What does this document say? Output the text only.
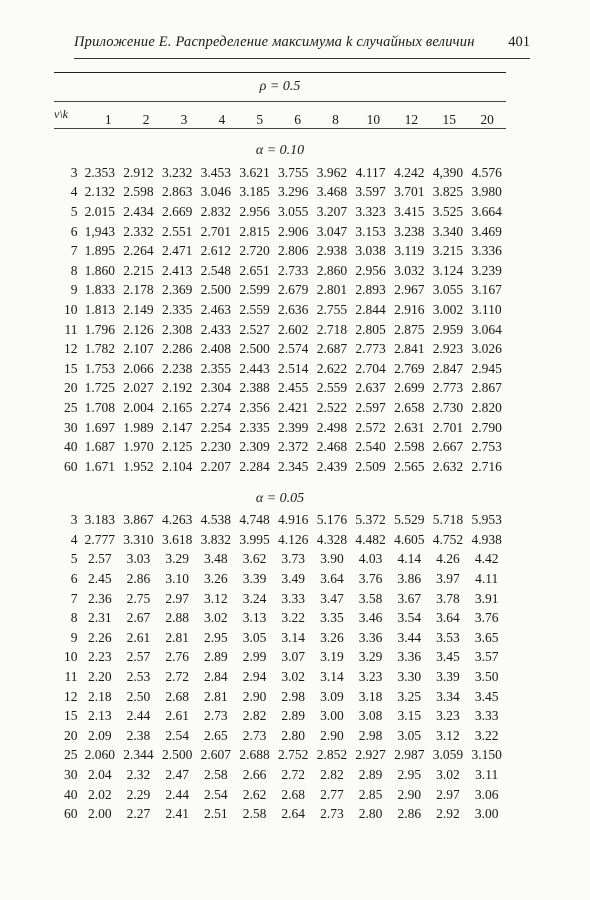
Приложение Е. Распределение максимума k случайных величин	401
ρ = 0.5
ν\k	1	2	3	4	5	6	8	10	12	15	20
α = 0.10
3 2.353 2.912 3.232 3.453 3.621 3.755 3.962 4.117 4.242 4,390 4.576
4 2.132 2.598 2.863 3.046 3.185 3.296 3.468 3.597 3.701 3.825 3.980
5 2.015 2.434 2.669 2.832 2.956 3.055 3.207 3.323 3.415 3.525 3.664
6 1,943 2.332 2.551 2.701 2.815 2.906 3.047 3.153 3.238 3.340 3.469
7 1.895 2.264 2.471 2.612 2.720 2.806 2.938 3.038 3.119 3.215 3.336
8 1.860 2.215 2.413 2.548 2.651 2.733 2.860 2.956 3.032 3.124 3.239
9 1.833 2.178 2.369 2.500 2.599 2.679 2.801 2.893 2.967 3.055 3.167
10 1.813 2.149 2.335 2.463 2.559 2.636 2.755 2.844 2.916 3.002 3.110
11 1.796 2.126 2.308 2.433 2.527 2.602 2.718 2.805 2.875 2.959 3.064
12 1.782 2.107 2.286 2.408 2.500 2.574 2.687 2.773 2.841 2.923 3.026
15 1.753 2.066 2.238 2.355 2.443 2.514 2.622 2.704 2.769 2.847 2.945
20 1.725 2.027 2.192 2.304 2.388 2.455 2.559 2.637 2.699 2.773 2.867
25 1.708 2.004 2.165 2.274 2.356 2.421 2.522 2.597 2.658 2.730 2.820
30 1.697 1.989 2.147 2.254 2.335 2.399 2.498 2.572 2.631 2.701 2.790
40 1.687 1.970 2.125 2.230 2.309 2.372 2.468 2.540 2.598 2.667 2.753
60 1.671 1.952 2.104 2.207 2.284 2.345 2.439 2.509 2.565 2.632 2.716
α = 0.05
3 3.183 3.867 4.263 4.538 4.748 4.916 5.176 5.372 5.529 5.718 5.953
4 2.777 3.310 3.618 3.832 3.995 4.126 4.328 4.482 4.605 4.752 4.938
5 2.57	3.03	3.29	3.48	3.62	3.73	3.90	4.03	4.14	4.26	4.42
6 2.45	2.86	3.10	3.26	3.39	3.49	3.64	3.76	3.86	3.97	4.11
7 2.36	2.75	2.97	3.12	3.24	3.33	3.47	3.58	3.67	3.78	3.91
8 2.31	2.67	2.88	3.02	3.13	3.22	3.35	3.46	3.54	3.64	3.76
9 2.26	2.61	2.81	2.95	3.05	3.14	3.26	3.36	3.44	3.53	3.65
10 2.23	2.57	2.76	2.89	2.99	3.07	3.19	3.29	3.36	3.45	3.57
11 2.20	2.53	2.72	2.84	2.94	3.02	3.14	3.23	3.30	3.39	3.50
12 2.18	2.50	2.68	2.81	2.90	2.98	3.09	3.18	3.25	3.34	3.45
15 2.13	2.44	2.61	2.73	2.82	2.89	3.00	3.08	3.15	3.23	3.33
20 2.09	2.38	2.54	2.65	2.73	2.80	2.90	2.98	3.05	3.12	3.22
25 2.060 2.344 2.500 2.607 2.688 2.752 2.852 2.927 2.987 3.059 3.150
30 2.04	2.32	2.47	2.58	2.66	2.72	2.82	2.89	2.95	3.02	3.11
40 2.02	2.29	2.44	2.54	2.62	2.68	2.77	2.85	2.90	2.97	3.06
60 2.00	2.27	2.41	2.51	2.58	2.64	2.73	2.80	2.86	2.92	3.00
